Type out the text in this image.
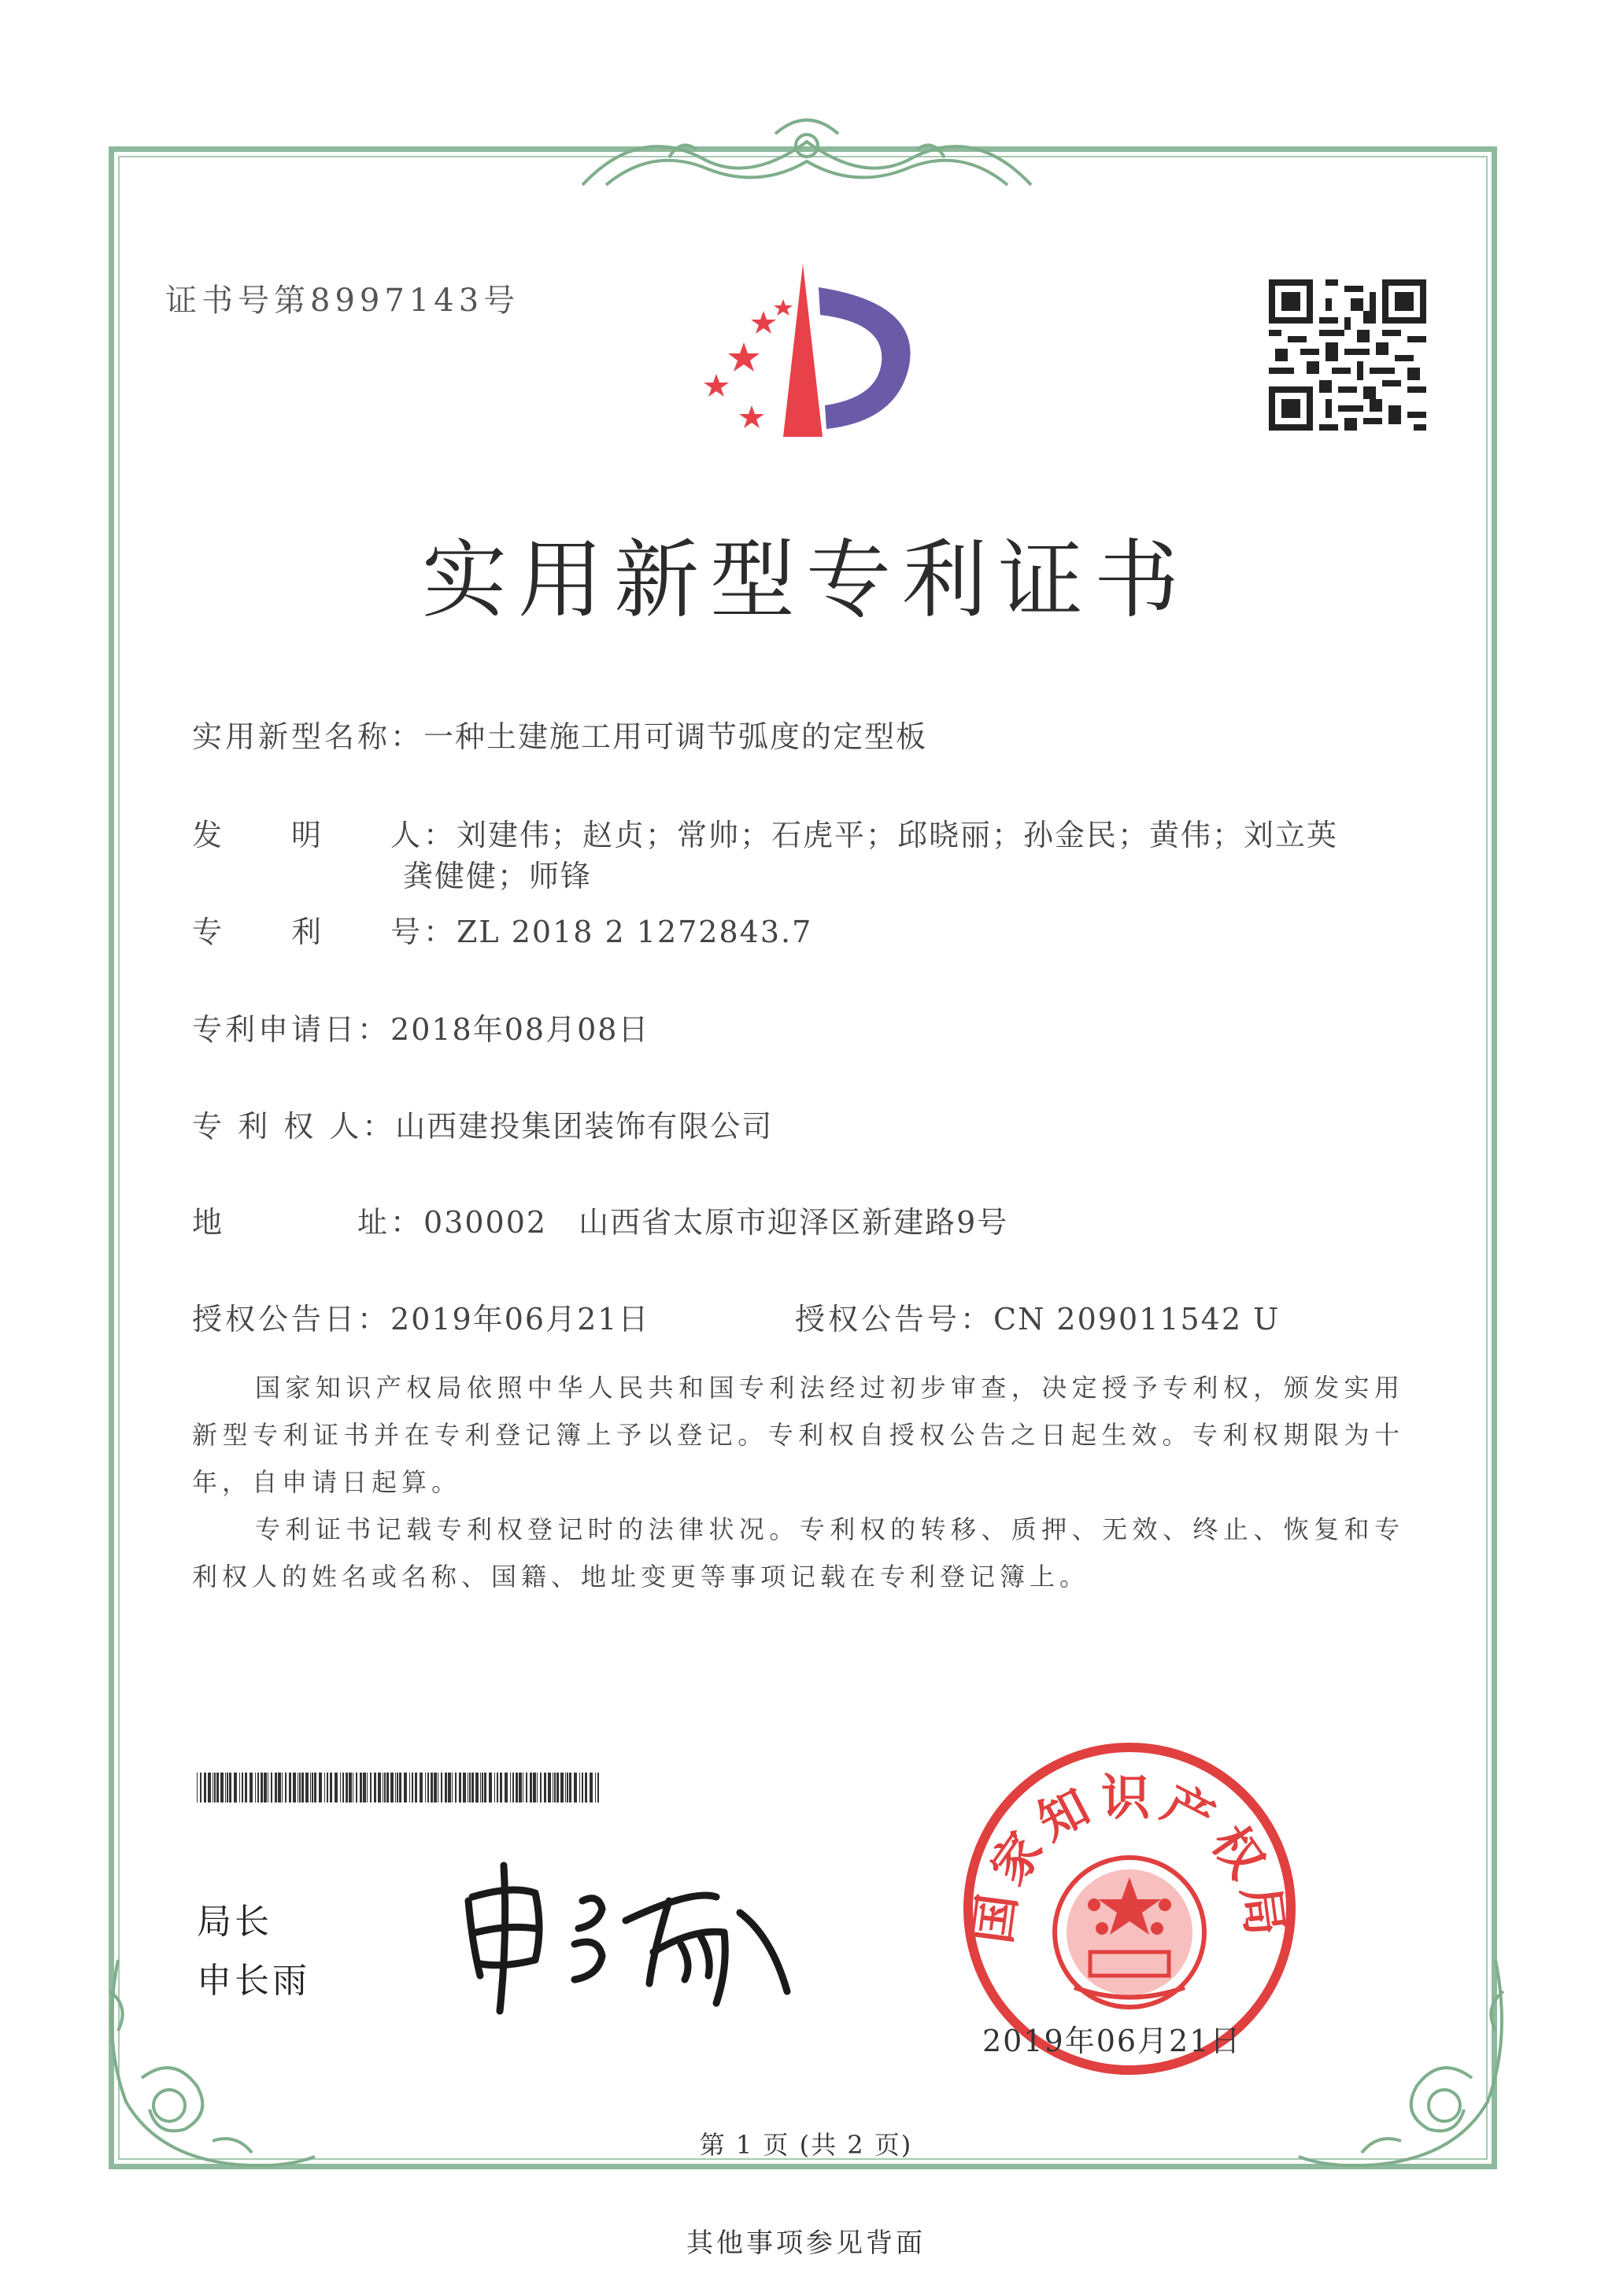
证书号第8997143号
实用新型专利证书
实用新型名称：一种土建施工用可调节弧度的定型板
发　　明　　人：刘建伟；赵贞；常帅；石虎平；邱晓丽；孙金民；黄伟；刘立英
龚健健；师锋
专　　利　　号：ZL 2018 2 1272843.7
专利申请日：2018年08月08日
专 利 权 人：山西建投集团装饰有限公司
地　　　　址：030002　山西省太原市迎泽区新建路9号
授权公告日：2019年06月21日	授权公告号：CN 209011542 U
国家知识产权局依照中华人民共和国专利法经过初步审查，决定授予专利权，颁发实用新型专利证书并在专利登记簿上予以登记。专利权自授权公告之日起生效。专利权期限为十年，自申请日起算。
专利证书记载专利权登记时的法律状况。专利权的转移、质押、无效、终止、恢复和专利权人的姓名或名称、国籍、地址变更等事项记载在专利登记簿上。
局长
申长雨
国家知识产权局
2019年06月21日
第 1 页 (共 2 页)
其他事项参见背面
